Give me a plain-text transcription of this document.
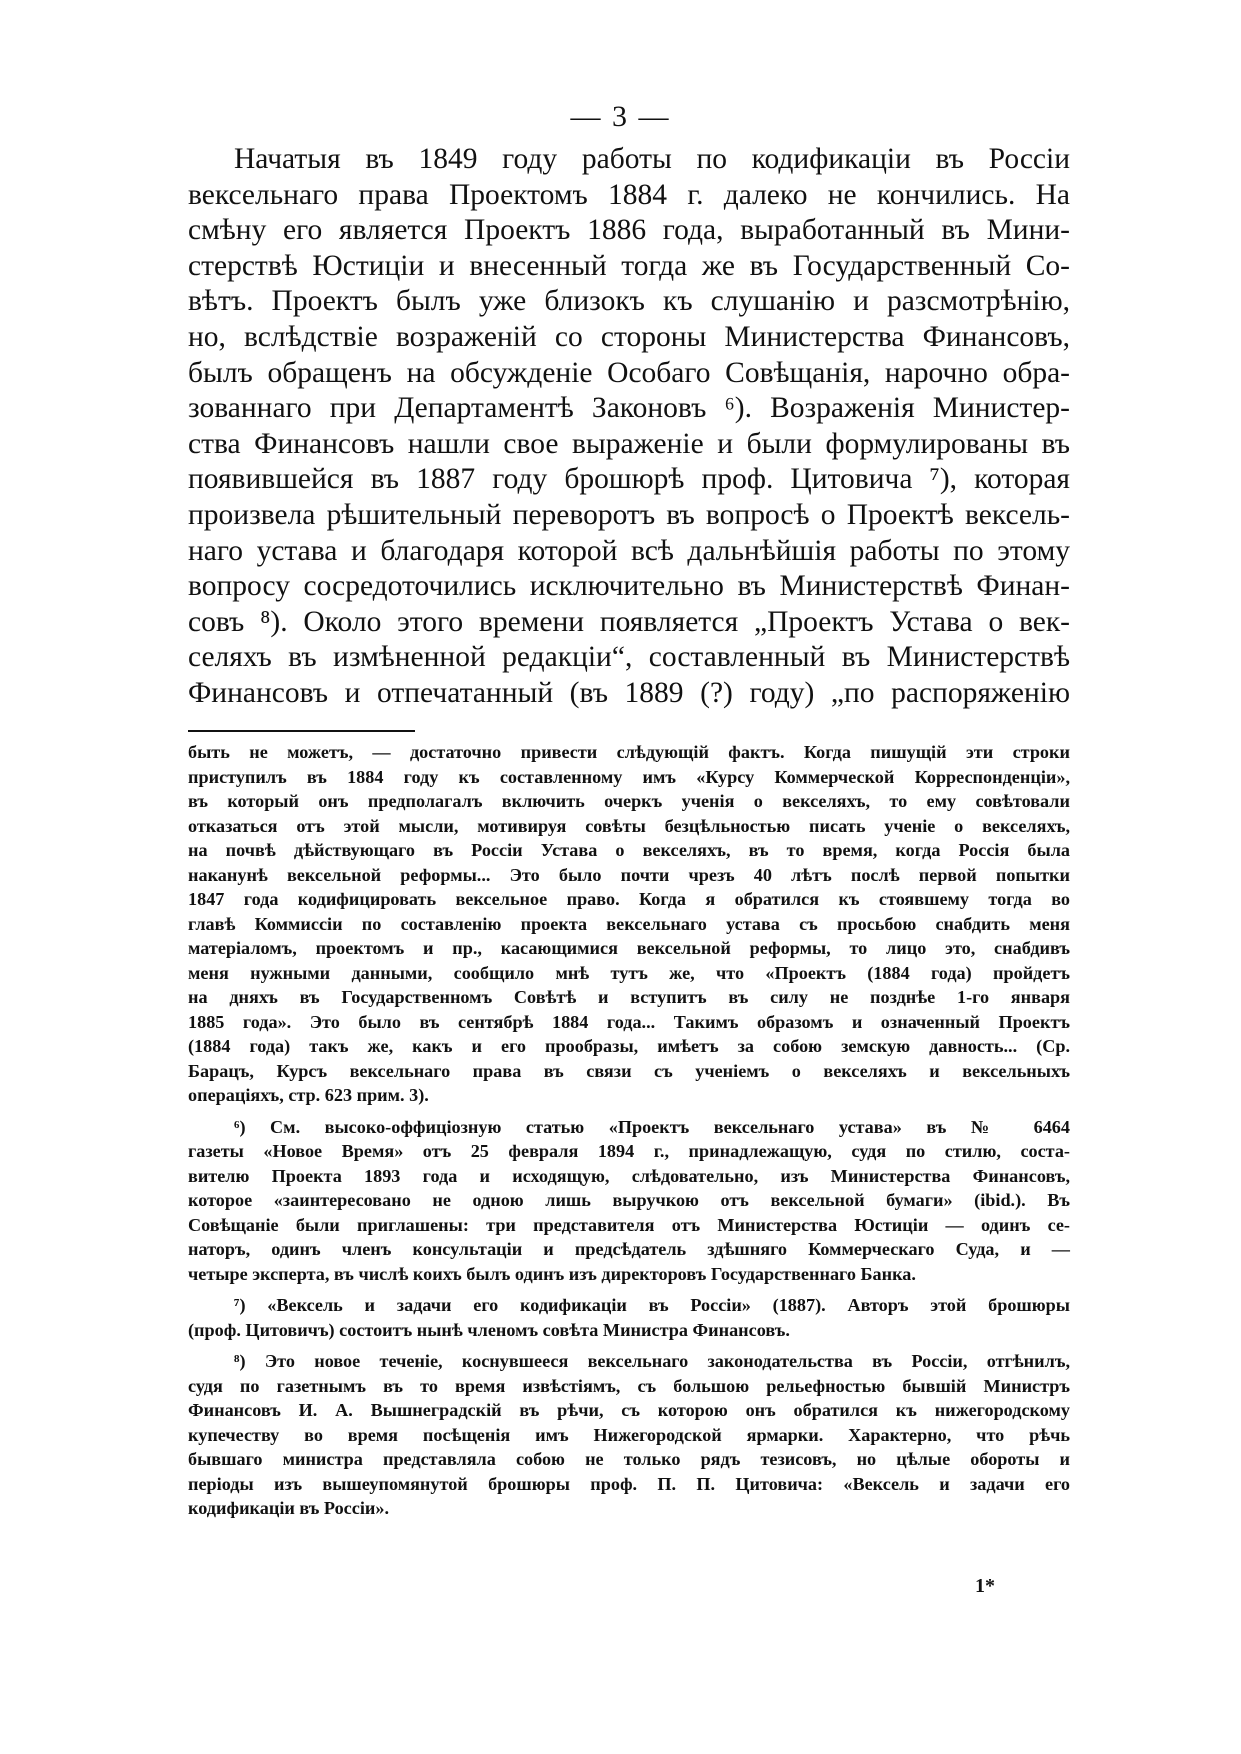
— 3 —
Начатыя въ 1849 году работы по кодификаціи въ Россіи
вексельнаго права Проектомъ 1884 г. далеко не кончились. На
смѣну его является Проектъ 1886 года, выработанный въ Мини-
стерствѣ Юстиціи и внесенный тогда же въ Государственный Со-
вѣтъ. Проектъ былъ уже близокъ къ слушанію и разсмотрѣнію,
но, вслѣдствіе возраженій со стороны Министерства Финансовъ,
былъ обращенъ на обсужденіе Особаго Совѣщанія, нарочно обра-
зованнаго при Департаментѣ Законовъ ⁶). Возраженія Министер-
ства Финансовъ нашли свое выраженіе и были формулированы въ
появившейся въ 1887 году брошюрѣ проф. Цитовича ⁷), которая
произвела рѣшительный переворотъ въ вопросѣ о Проектѣ вексель-
наго устава и благодаря которой всѣ дальнѣйшія работы по этому
вопросу сосредоточились исключительно въ Министерствѣ Финан-
совъ ⁸). Около этого времени появляется „Проектъ Устава о век-
селяхъ въ измѣненной редакціи“, составленный въ Министерствѣ
Финансовъ и отпечатанный (въ 1889 (?) году) „по распоряженію
быть не можетъ, — достаточно привести слѣдующій фактъ. Когда пишущій эти строки
приступилъ въ 1884 году къ составленному имъ «Курсу Коммерческой Корреспонденціи»,
въ который онъ предполагалъ включить очеркъ ученія о векселяхъ, то ему совѣтовали
отказаться отъ этой мысли, мотивируя совѣты безцѣльностью писать ученіе о векселяхъ,
на почвѣ дѣйствующаго въ Россіи Устава о векселяхъ, въ то время, когда Россія была
наканунѣ вексельной реформы... Это было почти чрезъ 40 лѣтъ послѣ первой попытки
1847 года кодифицировать вексельное право. Когда я обратился къ стоявшему тогда во
главѣ Коммиссіи по составленію проекта вексельнаго устава съ просьбою снабдить меня
матеріаломъ, проектомъ и пр., касающимися вексельной реформы, то лицо это, снабдивъ
меня нужными данными, сообщило мнѣ тутъ же, что «Проектъ (1884 года) пройдетъ
на дняхъ въ Государственномъ Совѣтѣ и вступитъ въ силу не позднѣе 1-го января
1885 года». Это было въ сентябрѣ 1884 года... Такимъ образомъ и означенный Проектъ
(1884 года) такъ же, какъ и его прообразы, имѣетъ за собою земскую давность... (Ср.
Барацъ, Курсъ вексельнаго права въ связи съ ученіемъ о векселяхъ и вексельныхъ
операціяхъ, стр. 623 прим. 3).
⁶) См. высоко-оффиціозную статью «Проектъ вексельнаго устава» въ № 6464
газеты «Новое Время» отъ 25 февраля 1894 г., принадлежащую, судя по стилю, соста-
вителю Проекта 1893 года и исходящую, слѣдовательно, изъ Министерства Финансовъ,
которое «заинтересовано не одною лишь выручкою отъ вексельной бумаги» (ibid.). Въ
Совѣщаніе были приглашены: три представителя отъ Министерства Юстиціи — одинъ се-
наторъ, одинъ членъ консультаціи и предсѣдатель здѣшняго Коммерческаго Суда, и —
четыре эксперта, въ числѣ коихъ былъ одинъ изъ директоровъ Государственнаго Банка.
⁷) «Вексель и задачи его кодификаціи въ Россіи» (1887). Авторъ этой брошюры
(проф. Цитовичъ) состоитъ нынѣ членомъ совѣта Министра Финансовъ.
⁸) Это новое теченіе, коснувшееся вексельнаго законодательства въ Россіи, отгѣнилъ,
судя по газетнымъ въ то время извѣстіямъ, съ большою рельефностью бывшій Министръ
Финансовъ И. А. Вышнеградскій въ рѣчи, съ которою онъ обратился къ нижегородскому
купечеству во время посѣщенія имъ Нижегородской ярмарки. Характерно, что рѣчь
бывшаго министра представляла собою не только рядъ тезисовъ, но цѣлые обороты и
періоды изъ вышеупомянутой брошюры проф. П. П. Цитовича: «Вексель и задачи его
кодификаціи въ Россіи».
1*
